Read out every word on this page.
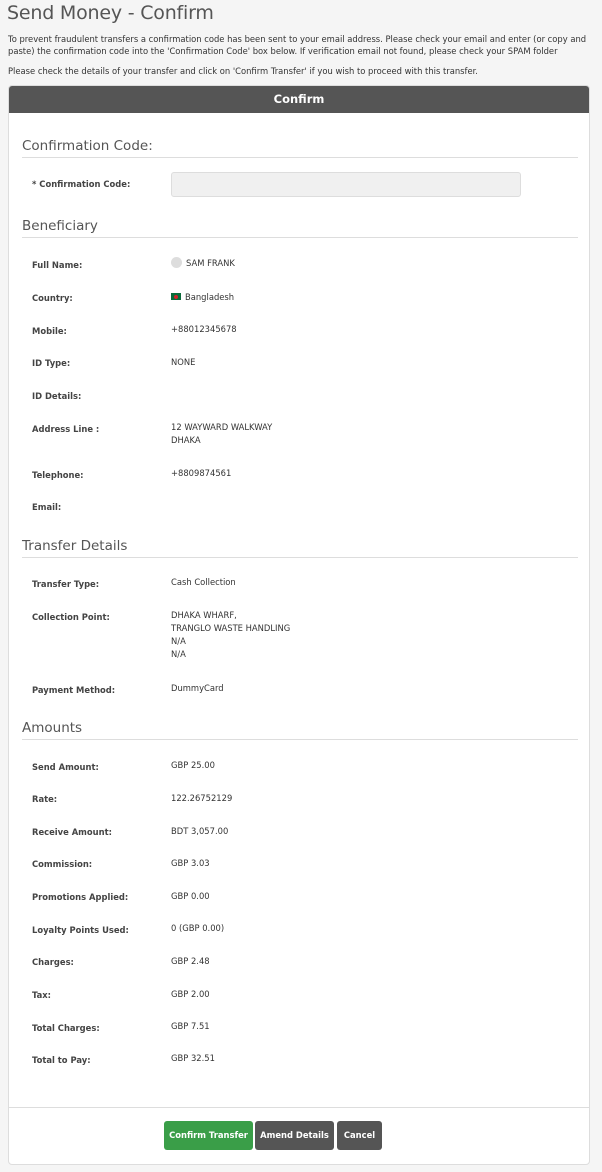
Send Money - Confirm
To prevent fraudulent transfers a confirmation code has been sent to your email address. Please check your email and enter (or copy and paste) the confirmation code into the 'Confirmation Code' box below. If verification email not found, please check your SPAM folder
Please check the details of your transfer and click on 'Confirm Transfer' if you wish to proceed with this transfer.
Confirm
Confirmation Code:
* Confirmation Code:
Beneficiary
Full Name:	SAM FRANK
Country:	Bangladesh
Mobile:	+88012345678
ID Type:	NONE
ID Details:
Address Line :	12 WAYWARD WALKWAY
DHAKA
Telephone:	+8809874561
Email:
Transfer Details
Transfer Type:	Cash Collection
Collection Point:	DHAKA WHARF,
TRANGLO WASTE HANDLING
N/A
N/A
Payment Method:	DummyCard
Amounts
Send Amount:	GBP 25.00
Rate:	122.26752129
Receive Amount:	BDT 3,057.00
Commission:	GBP 3.03
Promotions Applied:	GBP 0.00
Loyalty Points Used:	0 (GBP 0.00)
Charges:	GBP 2.48
Tax:	GBP 2.00
Total Charges:	GBP 7.51
Total to Pay:	GBP 32.51
Confirm Transfer	Amend Details	Cancel
